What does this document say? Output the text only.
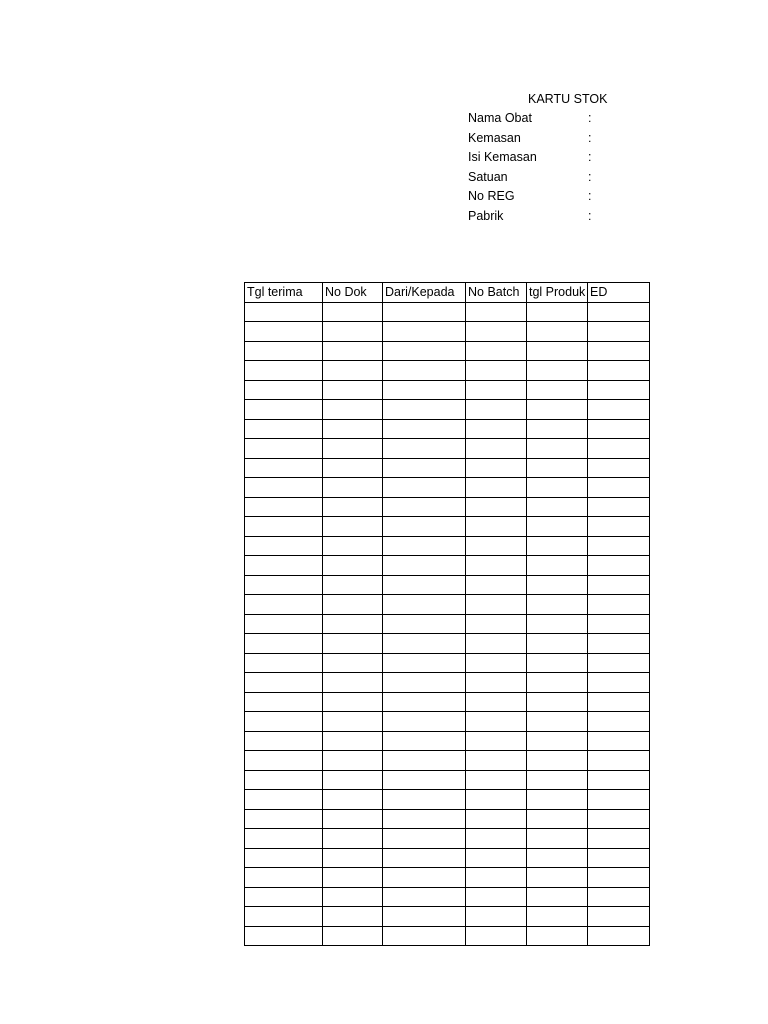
KARTU STOK
Nama Obat	:
Kemasan	:
Isi Kemasan	:
Satuan	:
No REG	:
Pabrik	:
Tgl terima	No Dok	Dari/Kepada	No Batch	tgl Produk	ED
